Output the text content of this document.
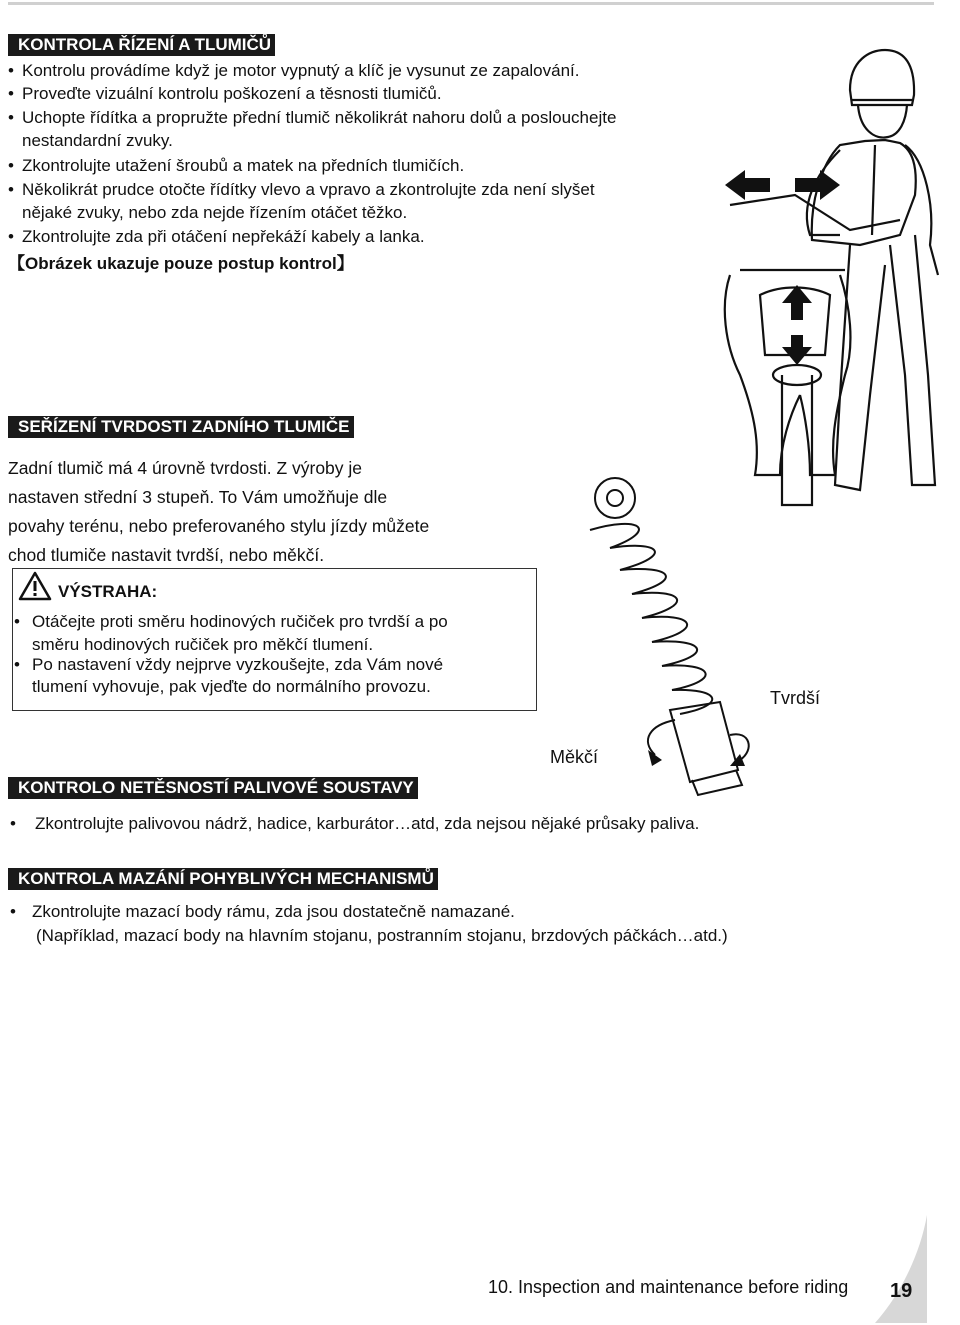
KONTROLA ŘÍZENÍ A TLUMIČŮ
• Kontrolu provádíme když je motor vypnutý a klíč je vysunut ze zapalování.
• Proveďte vizuální kontrolu poškození a těsnosti tlumičů.
• Uchopte řídítka a propružte přední tlumič několikrát nahoru dolů a poslouchejte
nestandardní zvuky.
• Zkontrolujte utažení šroubů a matek na předních tlumičích.
• Několikrát prudce otočte řídítky vlevo a vpravo a zkontrolujte zda není slyšet
nějaké zvuky, nebo zda nejde řízením otáčet těžko.
• Zkontrolujte zda při otáčení nepřekáží kabely a lanka.
【Obrázek ukazuje pouze postup kontrol】
SEŘÍZENÍ TVRDOSTI ZADNÍHO TLUMIČE
Zadní tlumič má 4 úrovně tvrdosti. Z výroby je
nastaven střední 3 stupeň. To Vám umožňuje dle
povahy terénu, nebo preferovaného stylu jízdy můžete
chod tlumiče nastavit tvrdší, nebo měkčí.
VÝSTRAHA:
• Otáčejte proti směru hodinových ručiček pro tvrdší a po
směru hodinových ručiček pro měkčí tlumení.
• Po nastavení vždy nejprve vyzkoušejte, zda Vám nové
tlumení vyhovuje, pak vjeďte do normálního provozu.
Tvrdší
Měkčí
KONTROLO NETĚSNOSTÍ PALIVOVÉ SOUSTAVY
•	Zkontrolujte palivovou nádrž, hadice, karburátor…atd, zda nejsou nějaké průsaky paliva.
KONTROLA MAZÁNÍ POHYBLIVÝCH MECHANISMŮ
• Zkontrolujte mazací body rámu, zda jsou dostatečně namazané.
(Například, mazací body na hlavním stojanu, postranním stojanu, brzdových páčkách…atd.)
10. Inspection and maintenance before riding 19
